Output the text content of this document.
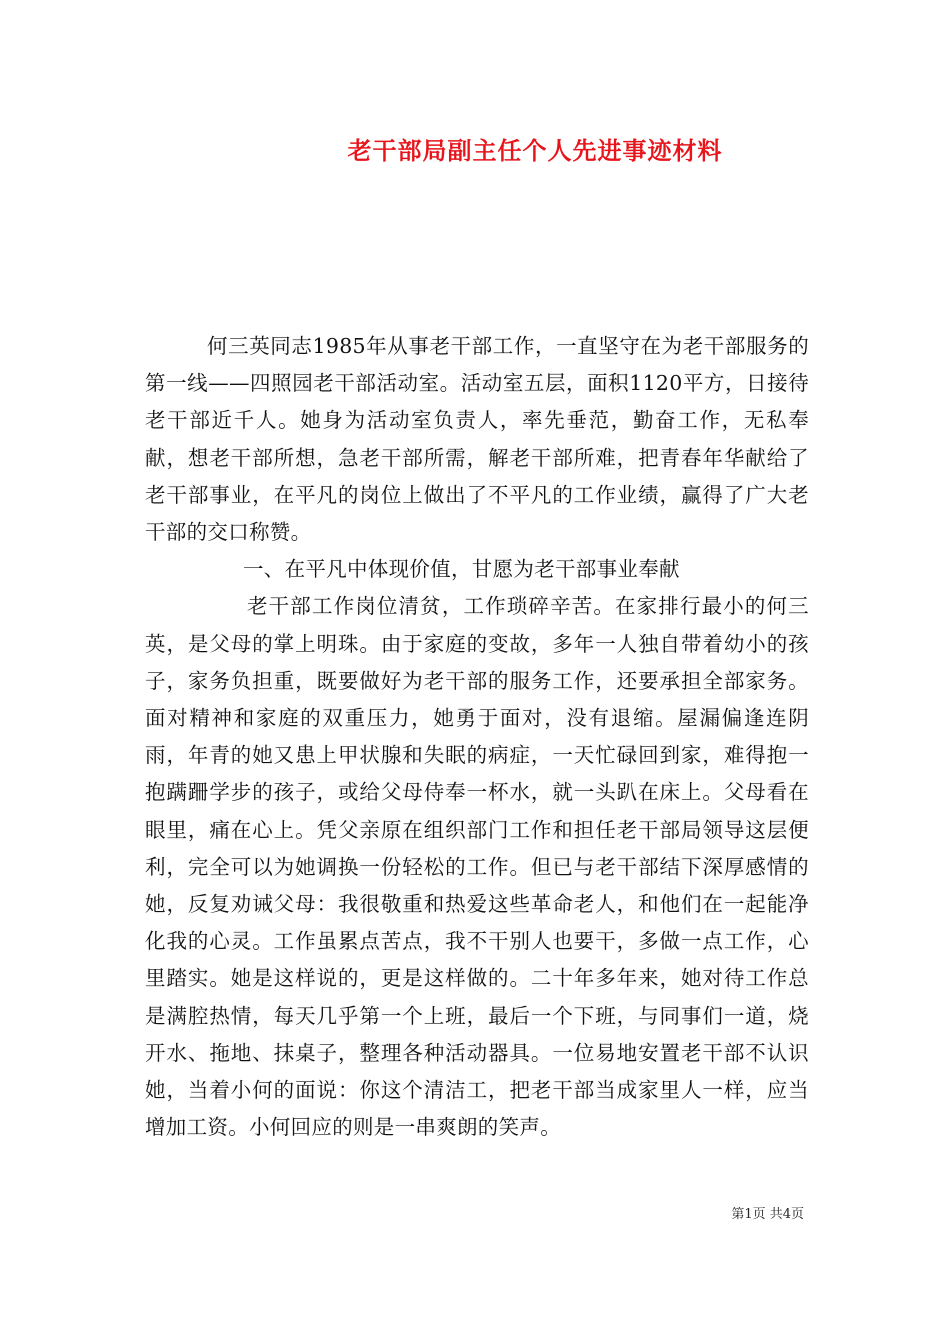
老干部局副主任个人先进事迹材料

何三英同志1985年从事老干部工作，一直坚守在为老干部服务的第一线——四照园老干部活动室。活动室五层，面积1120平方，日接待老干部近千人。她身为活动室负责人，率先垂范，勤奋工作，无私奉献，想老干部所想，急老干部所需，解老干部所难，把青春年华献给了老干部事业，在平凡的岗位上做出了不平凡的工作业绩，赢得了广大老干部的交口称赞。

一、在平凡中体现价值，甘愿为老干部事业奉献

老干部工作岗位清贫，工作琐碎辛苦。在家排行最小的何三英，是父母的掌上明珠。由于家庭的变故，多年一人独自带着幼小的孩子，家务负担重，既要做好为老干部的服务工作，还要承担全部家务。面对精神和家庭的双重压力，她勇于面对，没有退缩。屋漏偏逢连阴雨，年青的她又患上甲状腺和失眠的病症，一天忙碌回到家，难得抱一抱蹒跚学步的孩子，或给父母侍奉一杯水，就一头趴在床上。父母看在眼里，痛在心上。凭父亲原在组织部门工作和担任老干部局领导这层便利，完全可以为她调换一份轻松的工作。但已与老干部结下深厚感情的她，反复劝诫父母：我很敬重和热爱这些革命老人，和他们在一起能净化我的心灵。工作虽累点苦点，我不干别人也要干，多做一点工作，心里踏实。她是这样说的，更是这样做的。二十年多年来，她对待工作总是满腔热情，每天几乎第一个上班，最后一个下班，与同事们一道，烧开水、拖地、抹桌子，整理各种活动器具。一位易地安置老干部不认识她，当着小何的面说：你这个清洁工，把老干部当成家里人一样，应当增加工资。小何回应的则是一串爽朗的笑声。

第1页 共4页
